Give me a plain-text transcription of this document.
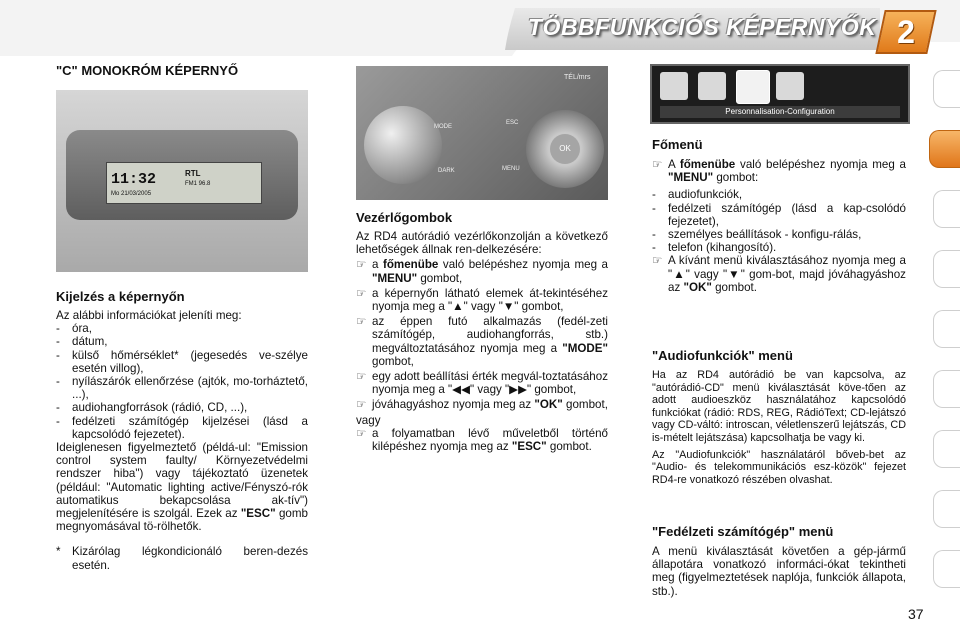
TÖBBFUNKCIÓS KÉPERNYŐK 2
"C" MONOKRÓM KÉPERNYŐ
11:32
Mo 21/03/2005
RTL
FM1 96.8
Kijelzés a képernyőn

Az alábbi információkat jeleníti meg:

-	óra,
-	dátum,
-	külső hőmérséklet* (jegesedés ve-szélye esetén villog),
-	nyílászárók ellenőrzése (ajtók, mo-torháztető, ...),
-	audiohangforrások (rádió, CD, ...),
-	fedélzeti számítógép kijelzései (lásd a kapcsolódó fejezetet).

Ideiglenesen figyelmeztető (példá-ul: "Emission control system faulty/ Környezetvédelmi rendszer hiba") vagy tájékoztató üzenetek (például: "Automatic lighting active/Fényszó-rók automatikus bekapcsolása ak-tív") megjelenítésére is szolgál. Ezek az "ESC" gomb megnyomásával tö-rölhetők.

* Kizárólag légkondicionáló beren-dezés esetén.
MODE
DARK
TÉL/mrs
ESC
MENU
OK
Vezérlőgombok

Az RD4 autórádió vezérlőkonzolján a következő lehetőségek állnak ren-delkezésére:

☞ a főmenübe való belépéshez nyomja meg a "MENU" gombot,
☞ a képernyőn látható elemek át-tekintéséhez nyomja meg a "▲" vagy "▼" gombot,
☞ az éppen futó alkalmazás (fedél-zeti számítógép, audiohangforrás, stb.) megváltoztatásához nyomja meg a "MODE" gombot,
☞ egy adott beállítási érték megvál-toztatásához nyomja meg a "◀◀" vagy "▶▶" gombot,
☞ jóváhagyáshoz nyomja meg az "OK" gombot,

vagy

☞ a folyamatban lévő műveletből történő kilépéshez nyomja meg az "ESC" gombot.
Personnalisation-Configuration
Főmenü
☞ A főmenübe való belépéshez nyomja meg a "MENU" gombot:
-	audiofunkciók,
-	fedélzeti számítógép (lásd a kap-csolódó fejezetet),
-	személyes beállítások - konfigu-rálás,
-	telefon (kihangosító).
☞ A kívánt menü kiválasztásához nyomja meg a "▲" vagy "▼" gom-bot, majd jóváhagyáshoz az "OK" gombot.
"Audiofunkciók" menü

Ha az RD4 autórádió be van kapcsolva, az "autórádió-CD" menü kiválasztását köve-tően az adott audioeszköz használatához kapcsolódó funkciókat (rádió: RDS, REG, RádióText; CD-lejátszó vagy CD-váltó: introscan, véletlenszerű lejátszás, CD is-mételt lejátszása) kapcsolhatja be vagy ki.

Az "Audiofunkciók" használatáról bőveb-bet az "Audio- és telekommunikációs esz-közök" fejezet RD4-re vonatkozó részében olvashat.

"Fedélzeti számítógép" menü
A menü kiválasztását követően a gép-jármű állapotára vonatkozó informáci-ókat tekintheti meg (figyelmeztetések naplója, funkciók állapota, stb.).
37
